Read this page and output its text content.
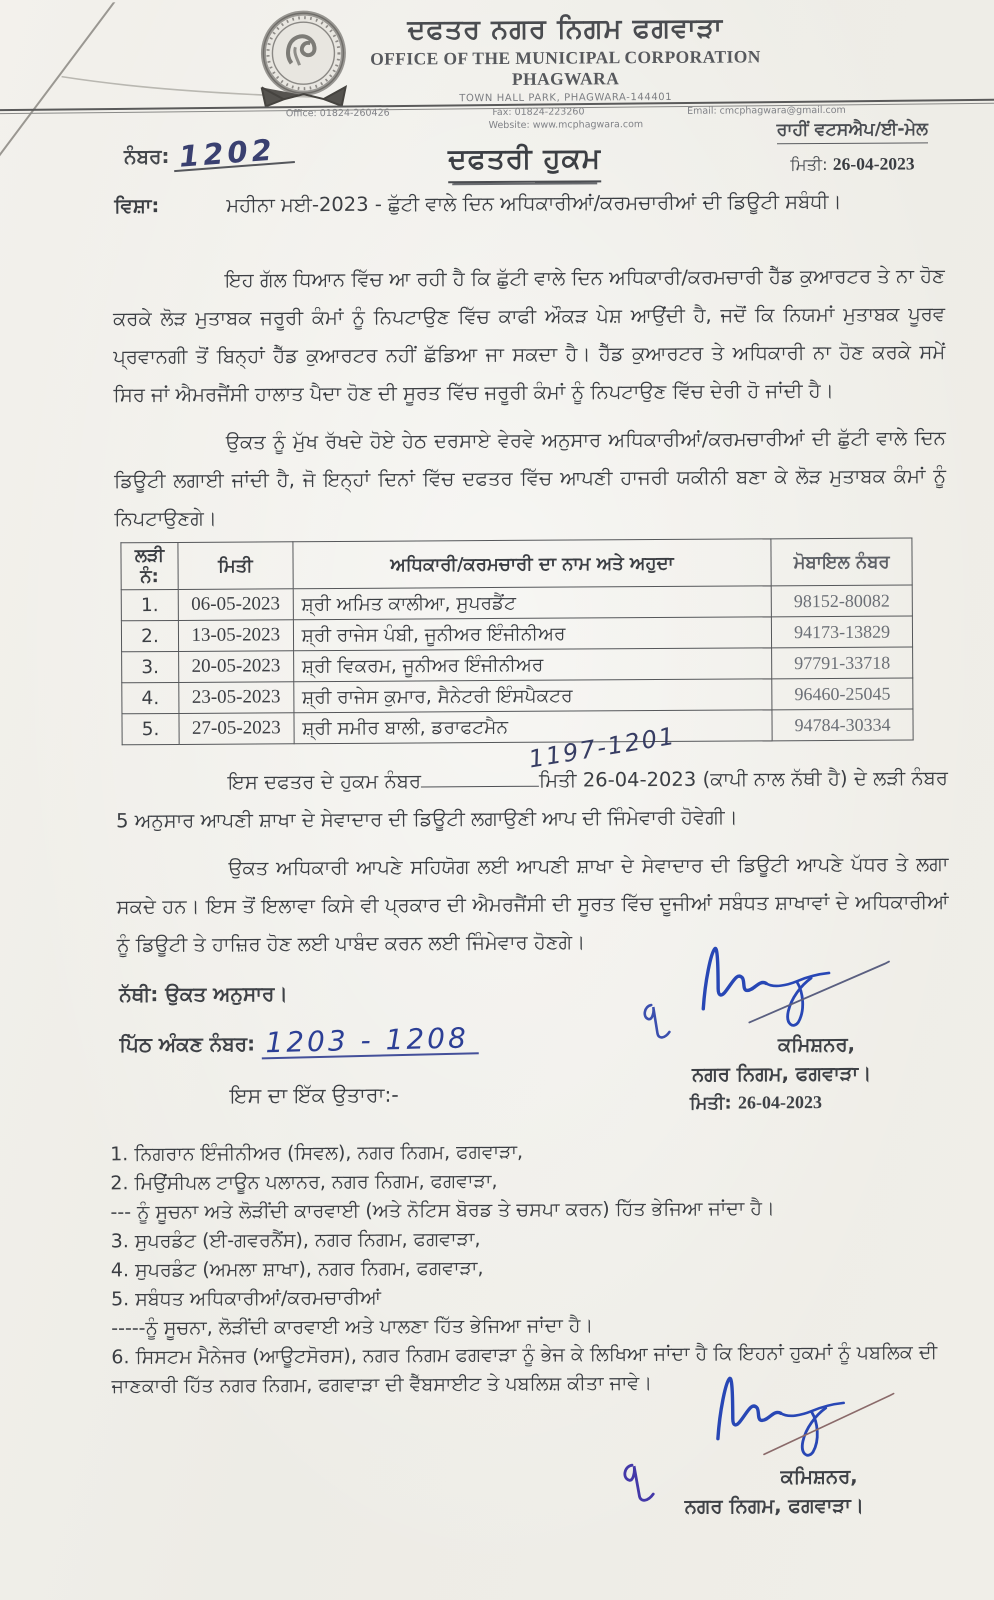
ਦਫਤਰ ਨਗਰ ਨਿਗਮ ਫਗਵਾੜਾ
OFFICE OF THE MUNICIPAL CORPORATION PHAGWARA
TOWN HALL PARK, PHAGWARA-144401
Office: 01824-260426	Fax: 01824-223260	Email: cmcphagwara@gmail.com
Website: www.mcphagwara.com
ਨੰਬਰ: 1202	ਦਫਤਰੀ ਹੁਕਮ
ਰਾਹੀਂ ਵਟਸਐਪ/ਈ-ਮੇਲ
ਮਿਤੀ: 26-04-2023
ਵਿਸ਼ਾ:	ਮਹੀਨਾ ਮਈ-2023 - ਛੁੱਟੀ ਵਾਲੇ ਦਿਨ ਅਧਿਕਾਰੀਆਂ/ਕਰਮਚਾਰੀਆਂ ਦੀ ਡਿਊਟੀ ਸਬੰਧੀ।

ਇਹ ਗੱਲ ਧਿਆਨ ਵਿੱਚ ਆ ਰਹੀ ਹੈ ਕਿ ਛੁੱਟੀ ਵਾਲੇ ਦਿਨ ਅਧਿਕਾਰੀ/ਕਰਮਚਾਰੀ ਹੈੱਡ ਕੁਆਰਟਰ ਤੇ ਨਾ ਹੋਣ ਕਰਕੇ ਲੋੜ ਮੁਤਾਬਕ ਜਰੂਰੀ ਕੰਮਾਂ ਨੂੰ ਨਿਪਟਾਉਣ ਵਿੱਚ ਕਾਫੀ ਔਕੜ ਪੇਸ਼ ਆਉਂਦੀ ਹੈ, ਜਦੋਂ ਕਿ ਨਿਯਮਾਂ ਮੁਤਾਬਕ ਪੂਰਵ ਪ੍ਰਵਾਨਗੀ ਤੋਂ ਬਿਨ੍ਹਾਂ ਹੈੱਡ ਕੁਆਰਟਰ ਨਹੀਂ ਛੱਡਿਆ ਜਾ ਸਕਦਾ ਹੈ। ਹੈੱਡ ਕੁਆਰਟਰ ਤੇ ਅਧਿਕਾਰੀ ਨਾ ਹੋਣ ਕਰਕੇ ਸਮੇਂ ਸਿਰ ਜਾਂ ਐਮਰਜੈਂਸੀ ਹਾਲਾਤ ਪੈਦਾ ਹੋਣ ਦੀ ਸੂਰਤ ਵਿੱਚ ਜਰੂਰੀ ਕੰਮਾਂ ਨੂੰ ਨਿਪਟਾਉਣ ਵਿੱਚ ਦੇਰੀ ਹੋ ਜਾਂਦੀ ਹੈ।

ਉਕਤ ਨੂੰ ਮੁੱਖ ਰੱਖਦੇ ਹੋਏ ਹੇਠ ਦਰਸਾਏ ਵੇਰਵੇ ਅਨੁਸਾਰ ਅਧਿਕਾਰੀਆਂ/ਕਰਮਚਾਰੀਆਂ ਦੀ ਛੁੱਟੀ ਵਾਲੇ ਦਿਨ ਡਿਊਟੀ ਲਗਾਈ ਜਾਂਦੀ ਹੈ, ਜੋ ਇਨ੍ਹਾਂ ਦਿਨਾਂ ਵਿੱਚ ਦਫਤਰ ਵਿੱਚ ਆਪਣੀ ਹਾਜਰੀ ਯਕੀਨੀ ਬਣਾ ਕੇ ਲੋੜ ਮੁਤਾਬਕ ਕੰਮਾਂ ਨੂੰ ਨਿਪਟਾਉਣਗੇ।

ਲੜੀ ਨੰ:	ਮਿਤੀ	ਅਧਿਕਾਰੀ/ਕਰਮਚਾਰੀ ਦਾ ਨਾਮ ਅਤੇ ਅਹੁਦਾ	ਮੋਬਾਇਲ ਨੰਬਰ
1.	06-05-2023	ਸ਼੍ਰੀ ਅਮਿਤ ਕਾਲੀਆ, ਸੁਪਰਡੈਂਟ	98152-80082
2.	13-05-2023	ਸ਼੍ਰੀ ਰਾਜੇਸ ਪੰਬੀ, ਜੂਨੀਅਰ ਇੰਜੀਨੀਅਰ	94173-13829
3.	20-05-2023	ਸ਼੍ਰੀ ਵਿਕਰਮ, ਜੂਨੀਅਰ ਇੰਜੀਨੀਅਰ	97791-33718
4.	23-05-2023	ਸ਼੍ਰੀ ਰਾਜੇਸ ਕੁਮਾਰ, ਸੈਨੇਟਰੀ ਇੰਸਪੈਕਟਰ	96460-25045
5.	27-05-2023	ਸ਼੍ਰੀ ਸਮੀਰ ਬਾਲੀ, ਡਰਾਫਟਮੈਨ	94784-30334

ਇਸ ਦਫਤਰ ਦੇ ਹੁਕਮ ਨੰਬਰ
1197-1201
ਮਿਤੀ 26-04-2023 (ਕਾਪੀ ਨਾਲ ਨੱਥੀ ਹੈ) ਦੇ ਲੜੀ ਨੰਬਰ 5 ਅਨੁਸਾਰ ਆਪਣੀ ਸ਼ਾਖਾ ਦੇ ਸੇਵਾਦਾਰ ਦੀ ਡਿਊਟੀ ਲਗਾਉਣੀ ਆਪ ਦੀ ਜਿੰਮੇਵਾਰੀ ਹੋਵੇਗੀ।

ਉਕਤ ਅਧਿਕਾਰੀ ਆਪਣੇ ਸਹਿਯੋਗ ਲਈ ਆਪਣੀ ਸ਼ਾਖਾ ਦੇ ਸੇਵਾਦਾਰ ਦੀ ਡਿਊਟੀ ਆਪਣੇ ਪੱਧਰ ਤੇ ਲਗਾ ਸਕਦੇ ਹਨ। ਇਸ ਤੋਂ ਇਲਾਵਾ ਕਿਸੇ ਵੀ ਪ੍ਰਕਾਰ ਦੀ ਐਮਰਜੈਂਸੀ ਦੀ ਸੂਰਤ ਵਿੱਚ ਦੂਜੀਆਂ ਸਬੰਧਤ ਸ਼ਾਖਾਵਾਂ ਦੇ ਅਧਿਕਾਰੀਆਂ ਨੂੰ ਡਿਊਟੀ ਤੇ ਹਾਜ਼ਿਰ ਹੋਣ ਲਈ ਪਾਬੰਦ ਕਰਨ ਲਈ ਜਿੰਮੇਵਾਰ ਹੋਣਗੇ।

ਨੱਥੀ: ਉਕਤ ਅਨੁਸਾਰ।
ਪਿੱਠ ਅੰਕਣ ਨੰਬਰ: 1203 - 1208	ਕਮਿਸ਼ਨਰ,
ਨਗਰ ਨਿਗਮ, ਫਗਵਾੜਾ।
ਮਿਤੀ: 26-04-2023
ਇਸ ਦਾ ਇੱਕ ਉਤਾਰਾ:-
1. ਨਿਗਰਾਨ ਇੰਜੀਨੀਅਰ (ਸਿਵਲ), ਨਗਰ ਨਿਗਮ, ਫਗਵਾੜਾ,
2. ਮਿਉਂਸੀਪਲ ਟਾਊਨ ਪਲਾਨਰ, ਨਗਰ ਨਿਗਮ, ਫਗਵਾੜਾ,
--- ਨੂੰ ਸੂਚਨਾ ਅਤੇ ਲੋੜੀਂਦੀ ਕਾਰਵਾਈ (ਅਤੇ ਨੋਟਿਸ ਬੋਰਡ ਤੇ ਚਸਪਾ ਕਰਨ) ਹਿੱਤ ਭੇਜਿਆ ਜਾਂਦਾ ਹੈ।
3. ਸੁਪਰਡੰਟ (ਈ-ਗਵਰਨੈਂਸ), ਨਗਰ ਨਿਗਮ, ਫਗਵਾੜਾ,
4. ਸੁਪਰਡੰਟ (ਅਮਲਾ ਸ਼ਾਖਾ), ਨਗਰ ਨਿਗਮ, ਫਗਵਾੜਾ,
5. ਸਬੰਧਤ ਅਧਿਕਾਰੀਆਂ/ਕਰਮਚਾਰੀਆਂ
-----ਨੂੰ ਸੂਚਨਾ, ਲੋੜੀਂਦੀ ਕਾਰਵਾਈ ਅਤੇ ਪਾਲਣਾ ਹਿੱਤ ਭੇਜਿਆ ਜਾਂਦਾ ਹੈ।
6. ਸਿਸਟਮ ਮੈਨੇਜਰ (ਆਊਟਸੋਰਸ), ਨਗਰ ਨਿਗਮ ਫਗਵਾੜਾ ਨੂੰ ਭੇਜ ਕੇ ਲਿਖਿਆ ਜਾਂਦਾ ਹੈ ਕਿ ਇਹਨਾਂ ਹੁਕਮਾਂ ਨੂੰ ਪਬਲਿਕ ਦੀ ਜਾਣਕਾਰੀ ਹਿੱਤ ਨਗਰ ਨਿਗਮ, ਫਗਵਾੜਾ ਦੀ ਵੈੱਬਸਾਈਟ ਤੇ ਪਬਲਿਸ਼ ਕੀਤਾ ਜਾਵੇ।
ਕਮਿਸ਼ਨਰ,
ਨਗਰ ਨਿਗਮ, ਫਗਵਾੜਾ।
